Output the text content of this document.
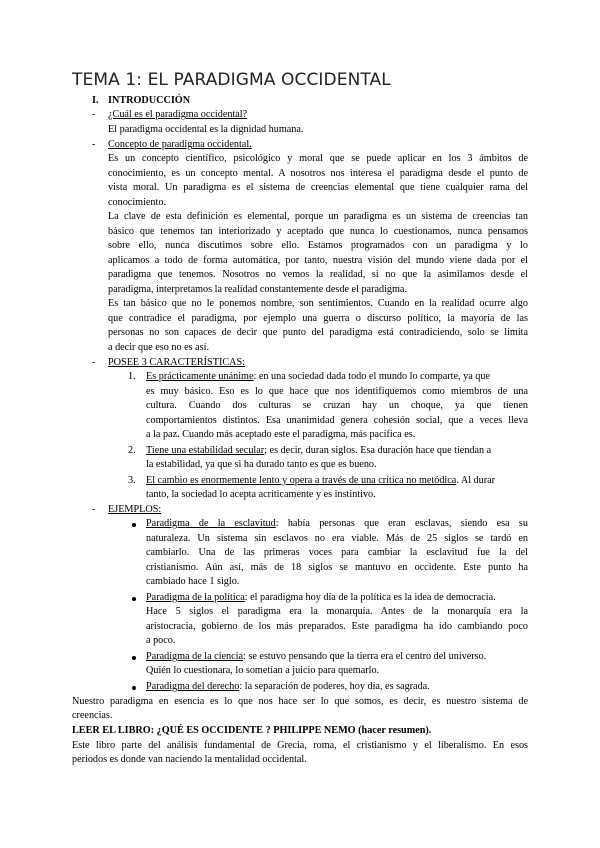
TEMA 1: EL PARADIGMA OCCIDENTAL
I. INTRODUCCIÓN
- ¿Cuál es el paradigma occidental?
El paradigma occidental es la dignidad humana.
- Concepto de paradigma occidental.
Es un concepto científico, psicológico y moral que se puede aplicar en los 3 ámbitos de
conocimiento, es un concepto mental. A nosotros nos interesa el paradigma desde el punto de
vista moral. Un paradigma es el sistema de creencias elemental que tiene cualquier rama del
conocimiento.
La clave de esta definición es elemental, porque un paradigma es un sistema de creencias tan
básico que tenemos tan interiorizado y aceptado que nunca lo cuestionamos, nunca pensamos
sobre ello, nunca discutimos sobre ello. Estamos programados con un paradigma y lo
aplicamos a todo de forma automática, por tanto, nuestra visión del mundo viene dada por el
paradigma que tenemos. Nosotros no vemos la realidad, si no que la asimilamos desde el
paradigma, interpretamos la realidad constantemente desde el paradigma.
Es tan básico que no le ponemos nombre, son sentimientos. Cuando en la realidad ocurre algo
que contradice el paradigma, por ejemplo una guerra o discurso político, la mayoría de las
personas no son capaces de decir que punto del paradigma está contradiciendo, solo se limita
a decir que eso no es así.
- POSEE 3 CARACTERÍSTICAS:
1. Es prácticamente unánime: en una sociedad dada todo el mundo lo comparte, ya que
es muy básico. Eso es lo que hace que nos identifiquemos como miembros de una
cultura. Cuando dos culturas se cruzan hay un choque, ya que tienen
comportamientos distintos. Esa unanimidad genera cohesión social, que a veces lleva
a la paz. Cuando más aceptado este el paradigma, más pacífica es.
2. Tiene una estabilidad secular; es decir, duran siglos. Esa duración hace que tiendan a
la estabilidad, ya que si ha durado tanto es que es bueno.
3. El cambio es enormemente lento y opera a través de una crítica no metódica. Al durar
tanto, la sociedad lo acepta acríticamente y es instintivo.
- EJEMPLOS:
Paradigma de la esclavitud: había personas que eran esclavas, siendo esa su
naturaleza. Un sistema sin esclavos no era viable. Más de 25 siglos se tardó en
cambiarlo. Una de las primeras voces para cambiar la esclavitud fue la del
cristianismo. Aún así, más de 18 siglos se mantuvo en occidente. Este punto ha
cambiado hace 1 siglo.
Paradigma de la política: el paradigma hoy día de la política es la idea de democracia.
Hace 5 siglos el paradigma era la monarquía. Antes de la monarquía era la
aristocracia, gobierno de los más preparados. Este paradigma ha ido cambiando poco
a poco.
Paradigma de la ciencia: se estuvo pensando que la tierra era el centro del universo.
Quién lo cuestionara, lo sometían a juicio para quemarlo.
Paradigma del derecho: la separación de poderes, hoy día, es sagrada.
Nuestro paradigma en esencia es lo que nos hace ser lo que somos, es decir, es nuestro sistema de
creencias.
LEER EL LIBRO: ¿QUÉ ES OCCIDENTE ? PHILIPPE NEMO (hacer resumen).
Este libro parte del análisis fundamental de Grecia, roma, el cristianismo y el liberalismo. En esos
periodos es donde van naciendo la mentalidad occidental.
